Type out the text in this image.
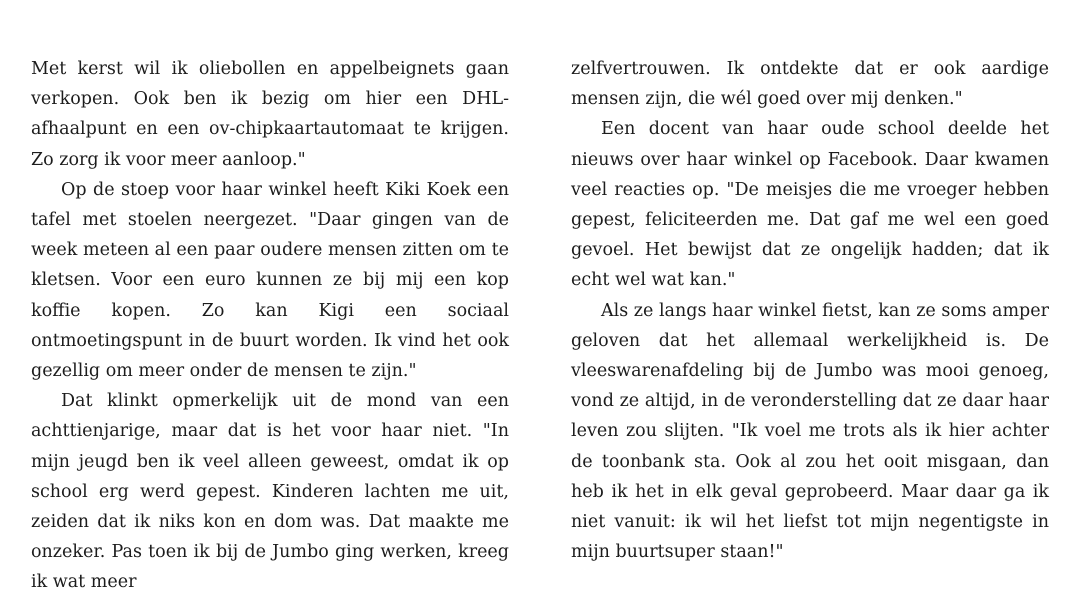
Met kerst wil ik oliebollen en appelbeignets gaan verkopen. Ook ben ik bezig om hier een DHL-afhaalpunt en een ov-chipkaartautomaat te krijgen. Zo zorg ik voor meer aanloop."

Op de stoep voor haar winkel heeft Kiki Koek een tafel met stoelen neergezet. "Daar gingen van de week meteen al een paar oudere mensen zitten om te kletsen. Voor een euro kunnen ze bij mij een kop koffie kopen. Zo kan Kigi een sociaal ontmoetingspunt in de buurt worden. Ik vind het ook gezellig om meer onder de mensen te zijn."

Dat klinkt opmerkelijk uit de mond van een achttienjarige, maar dat is het voor haar niet. "In mijn jeugd ben ik veel alleen geweest, omdat ik op school erg werd gepest. Kinderen lachten me uit, zeiden dat ik niks kon en dom was. Dat maakte me onzeker. Pas toen ik bij de Jumbo ging werken, kreeg ik wat meer

zelfvertrouwen. Ik ontdekte dat er ook aardige mensen zijn, die wél goed over mij denken."

Een docent van haar oude school deelde het nieuws over haar winkel op Facebook. Daar kwamen veel reacties op. "De meisjes die me vroeger hebben gepest, feliciteerden me. Dat gaf me wel een goed gevoel. Het bewijst dat ze ongelijk hadden; dat ik echt wel wat kan."

Als ze langs haar winkel fietst, kan ze soms amper geloven dat het allemaal werkelijkheid is. De vleeswarenafdeling bij de Jumbo was mooi genoeg, vond ze altijd, in de veronderstelling dat ze daar haar leven zou slijten. "Ik voel me trots als ik hier achter de toonbank sta. Ook al zou het ooit misgaan, dan heb ik het in elk geval geprobeerd. Maar daar ga ik niet vanuit: ik wil het liefst tot mijn negentigste in mijn buurtsuper staan!"
